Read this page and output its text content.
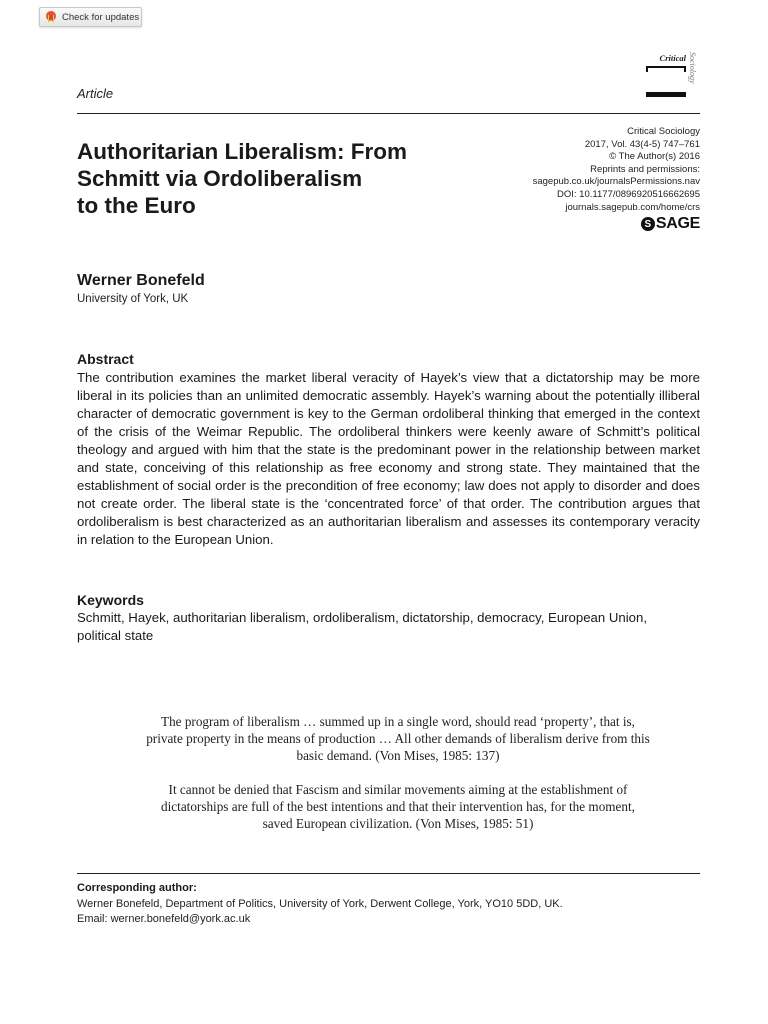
Check for updates
Critical Sociology
Article
Authoritarian Liberalism: From
Schmitt via Ordoliberalism
to the Euro
Critical Sociology
2017, Vol. 43(4-5) 747–761
© The Author(s) 2016
Reprints and permissions:
sagepub.co.uk/journalsPermissions.nav
DOI: 10.1177/0896920516662695
journals.sagepub.com/home/crs
S SAGE
Werner Bonefeld
University of York, UK
Abstract

The contribution examines the market liberal veracity of Hayek’s view that a dictatorship may be more liberal in its policies than an unlimited democratic assembly. Hayek’s warning about the potentially illiberal character of democratic government is key to the German ordoliberal thinking that emerged in the context of the crisis of the Weimar Republic. The ordoliberal thinkers were keenly aware of Schmitt’s political theology and argued with him that the state is the predominant power in the relationship between market and state, conceiving of this relationship as free economy and strong state. They maintained that the establishment of social order is the precondition of free economy; law does not apply to disorder and does not create order. The liberal state is the ‘concentrated force’ of that order. The contribution argues that ordoliberalism is best characterized as an authoritarian liberalism and assesses its contemporary veracity in relation to the European Union.

Keywords

Schmitt, Hayek, authoritarian liberalism, ordoliberalism, dictatorship, democracy, European Union, political state

The program of liberalism … summed up in a single word, should read ‘property’, that is,
private property in the means of production … All other demands of liberalism derive from this
basic demand. (Von Mises, 1985: 137)

It cannot be denied that Fascism and similar movements aiming at the establishment of
dictatorships are full of the best intentions and that their intervention has, for the moment,
saved European civilization. (Von Mises, 1985: 51)

Corresponding author:
Werner Bonefeld, Department of Politics, University of York, Derwent College, York, YO10 5DD, UK.
Email: werner.bonefeld@york.ac.uk
